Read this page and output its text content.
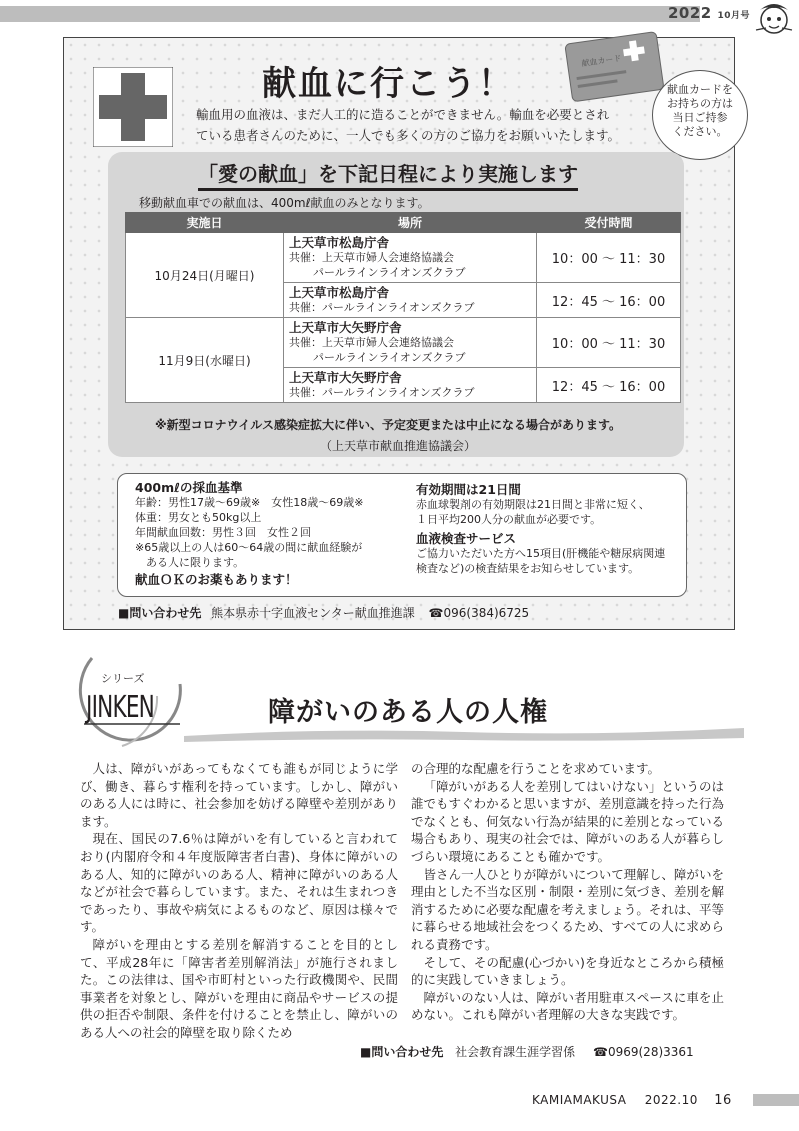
2022 10月号
献血に行こう！
輸血用の血液は、まだ人工的に造ることができません。輸血を必要とされ
ている患者さんのために、一人でも多くの方のご協力をお願いいたします。
献血カード
献血カードを
お持ちの方は
当日ご持参
ください。
「愛の献血」を下記日程により実施します
移動献血車での献血は、400mℓ献血のみとなります。
実施日	場所	受付時間
10月24日(月曜日)	上天草市松島庁舎
共催：上天草市婦人会連絡協議会
パールラインライオンズクラブ	10：00 ～ 11：30

	上天草市松島庁舎
共催：パールラインライオンズクラブ	12：45 ～ 16：00
11月9日(水曜日)	上天草市大矢野庁舎
共催：上天草市婦人会連絡協議会
パールラインライオンズクラブ	10：00 ～ 11：30

	上天草市大矢野庁舎
共催：パールラインライオンズクラブ	12：45 ～ 16：00
※新型コロナウイルス感染症拡大に伴い、予定変更または中止になる場合があります。
（上天草市献血推進協議会）
400mℓの採血基準
年齢：男性17歳～69歳※　女性18歳～69歳※
体重：男女とも50kg以上
年間献血回数：男性３回　女性２回
※65歳以上の人は60～64歳の間に献血経験が
　ある人に限ります。
献血ＯＫのお薬もあります！
有効期間は21日間
赤血球製剤の有効期限は21日間と非常に短く、
１日平均200人分の献血が必要です。
血液検査サービス
ご協力いただいた方へ15項目(肝機能や糖尿病関連
検査など)の検査結果をお知らせしています。
■問い合わせ先 熊本県赤十字血液センター献血推進課 ☎096(384)6725
シリーズ
JINKEN	障がいのある人の人権

人は、障がいがあってもなくても誰もが同じように学び、働き、暮らす権利を持っています。しかし、障がいのある人には時に、社会参加を妨げる障壁や差別があります。

現在、国民の7.6％は障がいを有していると言われており(内閣府令和４年度版障害者白書)、身体に障がいのある人、知的に障がいのある人、精神に障がいのある人などが社会で暮らしています。また、それは生まれつきであったり、事故や病気によるものなど、原因は様々です。

障がいを理由とする差別を解消することを目的として、平成28年に「障害者差別解消法」が施行されました。この法律は、国や市町村といった行政機関や、民間事業者を対象とし、障がいを理由に商品やサービスの提供の拒否や制限、条件を付けることを禁止し、障がいのある人への社会的障壁を取り除くため

の合理的な配慮を行うことを求めています。

「障がいがある人を差別してはいけない」というのは誰でもすぐわかると思いますが、差別意識を持った行為でなくとも、何気ない行為が結果的に差別となっている場合もあり、現実の社会では、障がいのある人が暮らしづらい環境にあることも確かです。

皆さん一人ひとりが障がいについて理解し、障がいを理由とした不当な区別・制限・差別に気づき、差別を解消するために必要な配慮を考えましょう。それは、平等に暮らせる地域社会をつくるため、すべての人に求められる責務です。

そして、その配慮(心づかい)を身近なところから積極的に実践していきましょう。

障がいのない人は、障がい者用駐車スペースに車を止めない。これも障がい者理解の大きな実践です。

■問い合わせ先 社会教育課生涯学習係 ☎0969(28)3361
KAMIAMAKUSA 2022.10 16
